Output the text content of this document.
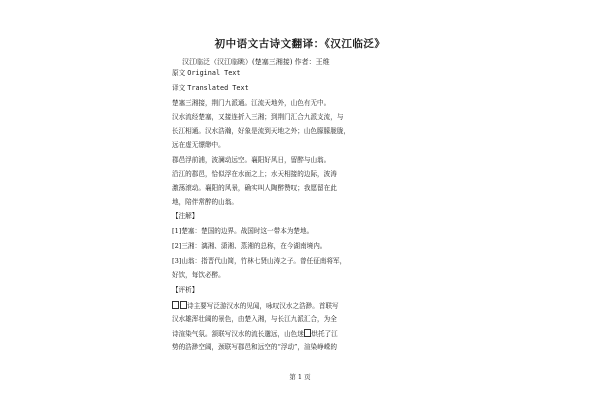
初中语文古诗文翻译：《汉江临泛》
汉江临泛（汉江临眺）(楚塞三湘接) 作者：王维
原文 Original Text
译文 Translated Text
楚塞三湘接，荆门九派通。江流天地外，山色有无中。
汉水流经楚塞，又接连折入三湘；到荆门汇合九派支流，与
长江相通。汉水浩瀚，好象是流到天地之外；山色朦朦胧胧，
远在虚无缥缈中。
郡邑浮前浦，波澜动远空。襄阳好风日，留醉与山翁。
沿江的郡邑，恰似浮在水面之上；水天相接的边际，波涛
激荡滚动。襄阳的风景，确实叫人陶醉赞叹；我愿留在此
地，陪伴常醉的山翁。
【注解】
[1]楚塞：楚国的边界。战国时这一带本为楚地。
[2]三湘：漓湘、潇湘、蒸湘的总称，在今湖南境内。
[3]山翁：指晋代山简，竹林七贤山涛之子。曾任征南将军，
好饮，每饮必醉。
【评析】
诗主要写泛游汉水的见闻，咏叹汉水之浩渺。首联写
汉水雄浑壮阔的景色，由楚入湘，与长江九派汇合，为全
诗渲染气氛。颔联写汉水的流长邈远，山色迷 烘托了江
势的浩渺空阔，颈联写郡邑和远空的“浮动”，渲染峥嵘的
第 1 页
